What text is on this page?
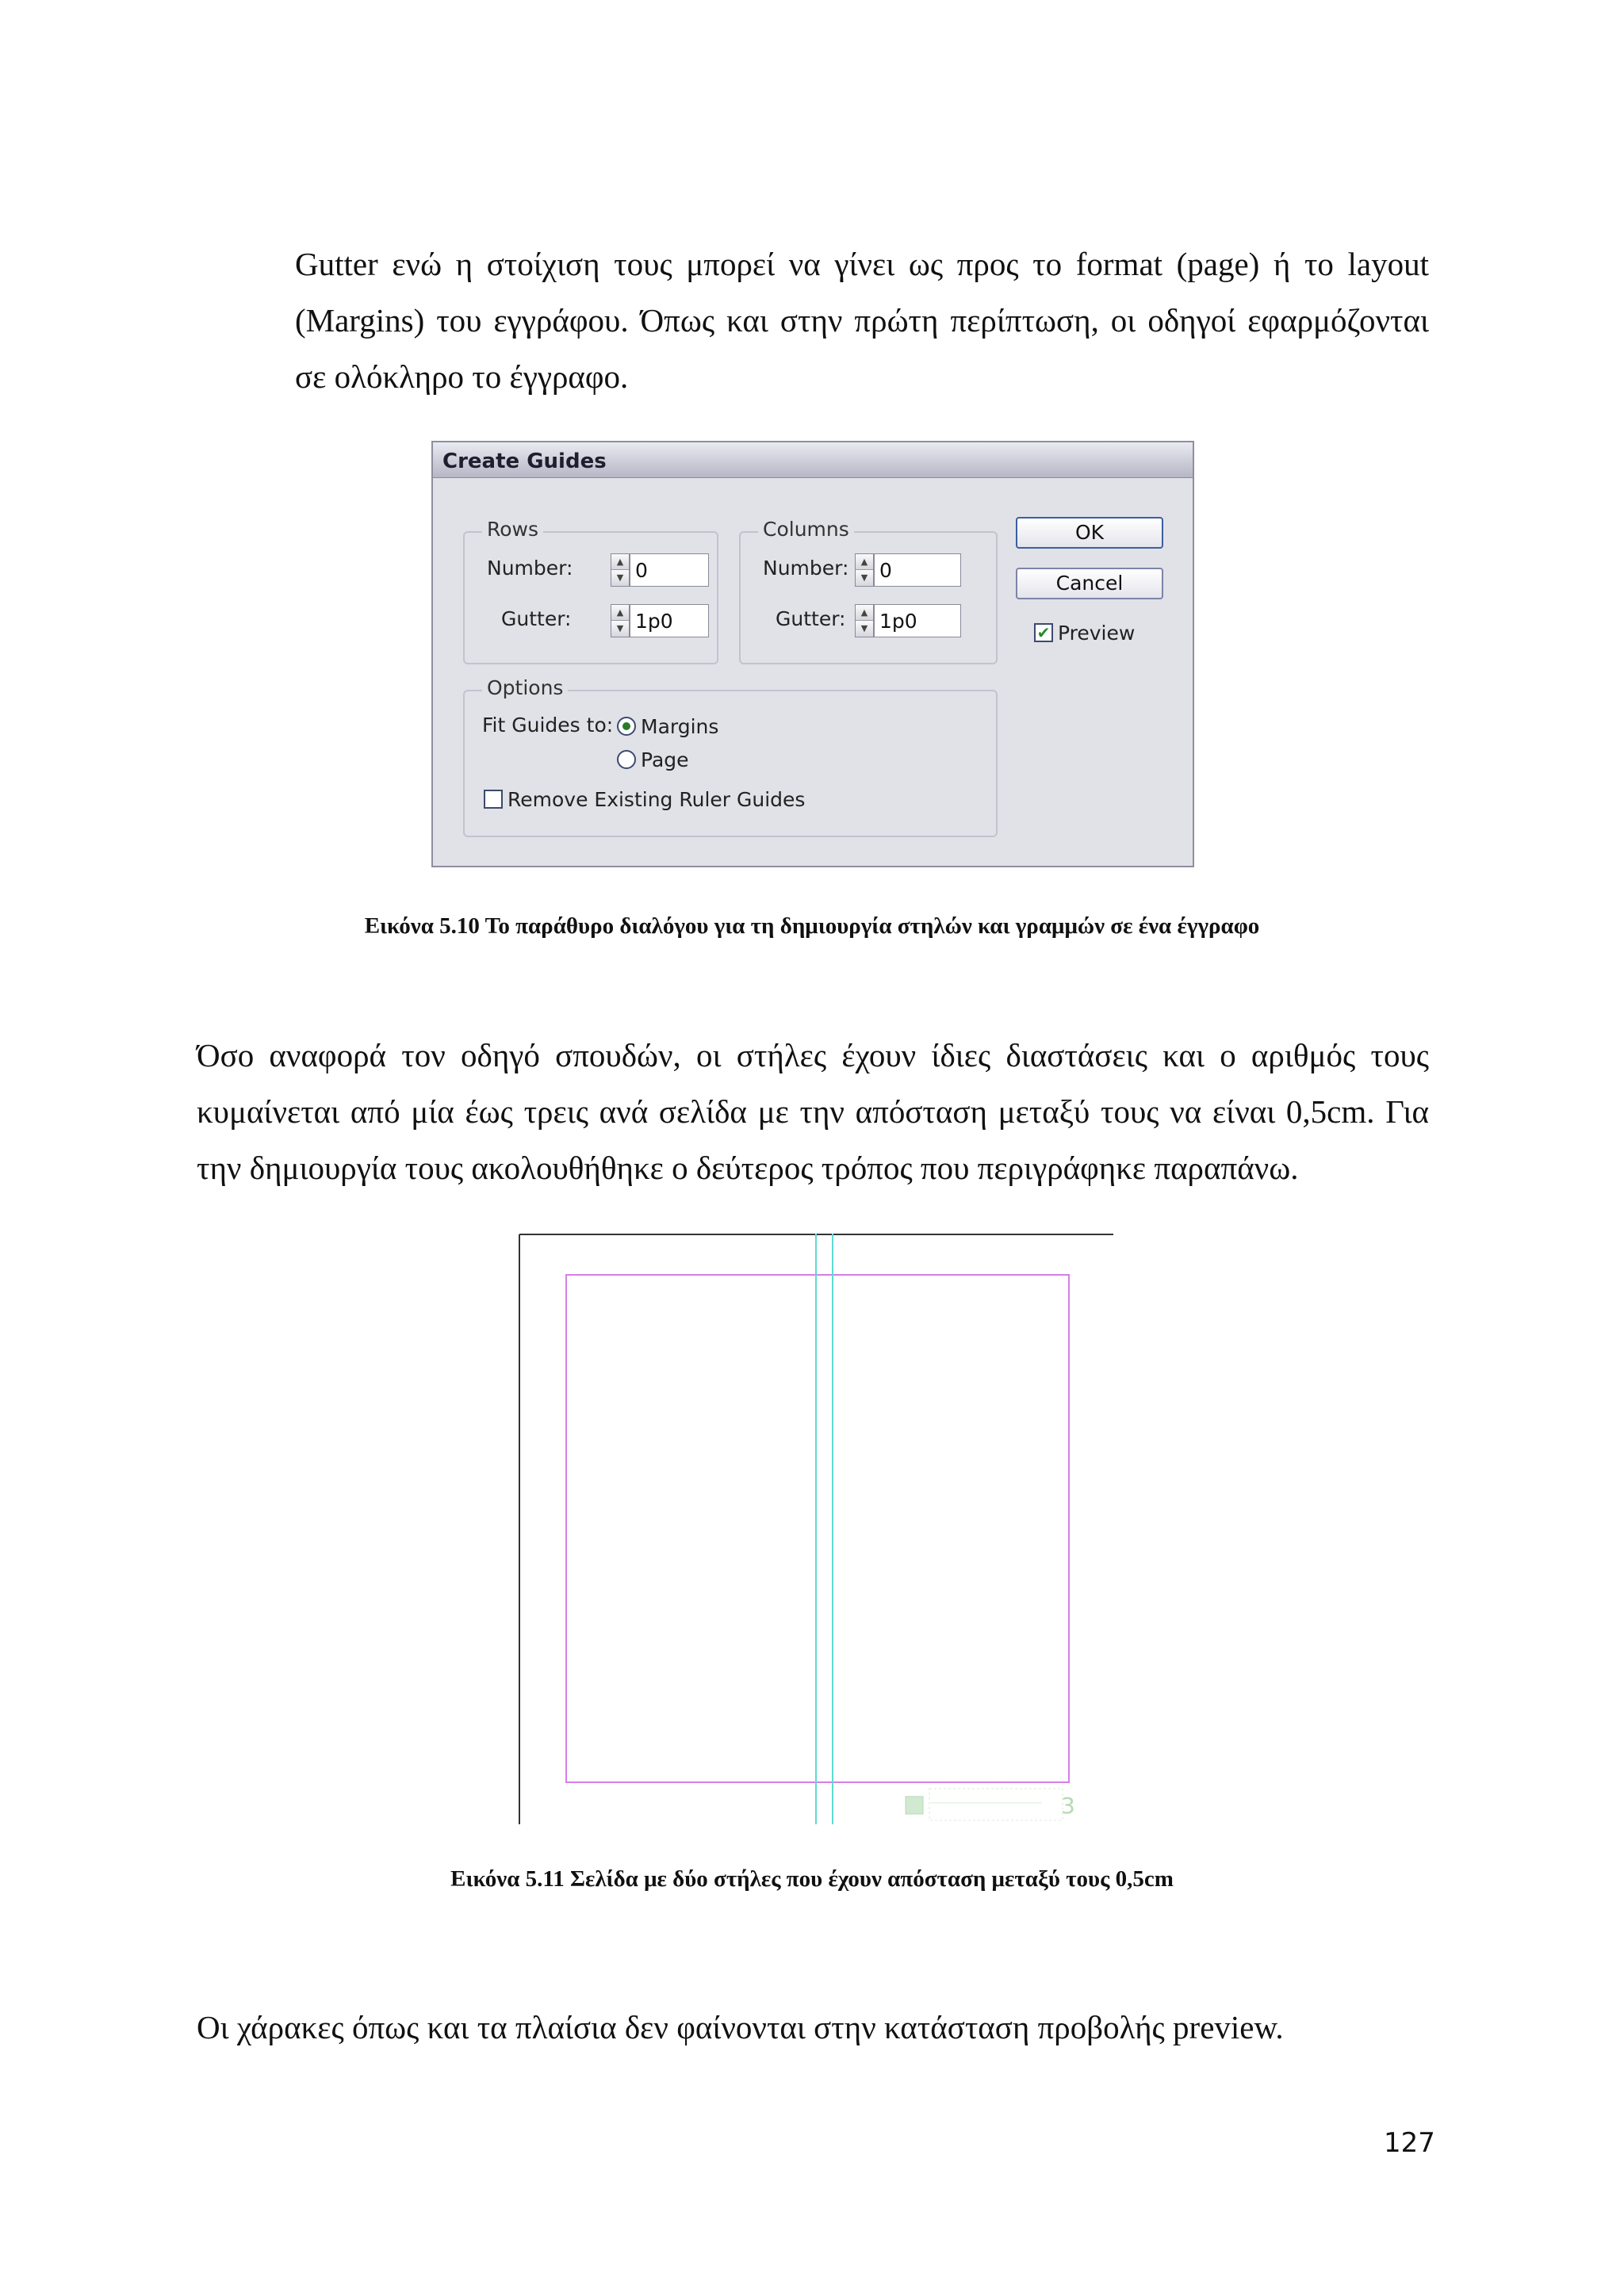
Gutter ενώ η στοίχιση τους μπορεί να γίνει ως προς το format (page) ή το layout (Margins) του εγγράφου. Όπως και στην πρώτη περίπτωση, οι οδηγοί εφαρμόζονται σε ολόκληρο το έγγραφο.

Create Guides
Rows
Number:	▲
▼ 0
Gutter:	▲
▼ 1p0
Columns
Number:	▲
▼ 0
Gutter:	▲
▼ 1p0
OK
Cancel
✔ Preview
Options
Fit Guides to: Margins
Page
Remove Existing Ruler Guides

Εικόνα 5.10 Το παράθυρο διαλόγου για τη δημιουργία στηλών και γραμμών σε ένα έγγραφο

Όσο αναφορά τον οδηγό σπουδών, οι στήλες έχουν ίδιες διαστάσεις και ο αριθμός τους κυμαίνεται από μία έως τρεις ανά σελίδα με την απόσταση μεταξύ τους να είναι 0,5cm. Για την δημιουργία τους ακολουθήθηκε ο δεύτερος τρόπος που περιγράφηκε παραπάνω.

3

Εικόνα 5.11 Σελίδα με δύο στήλες που έχουν απόσταση μεταξύ τους 0,5cm

Οι χάρακες όπως και τα πλαίσια δεν φαίνονται στην κατάσταση προβολής preview.

127
